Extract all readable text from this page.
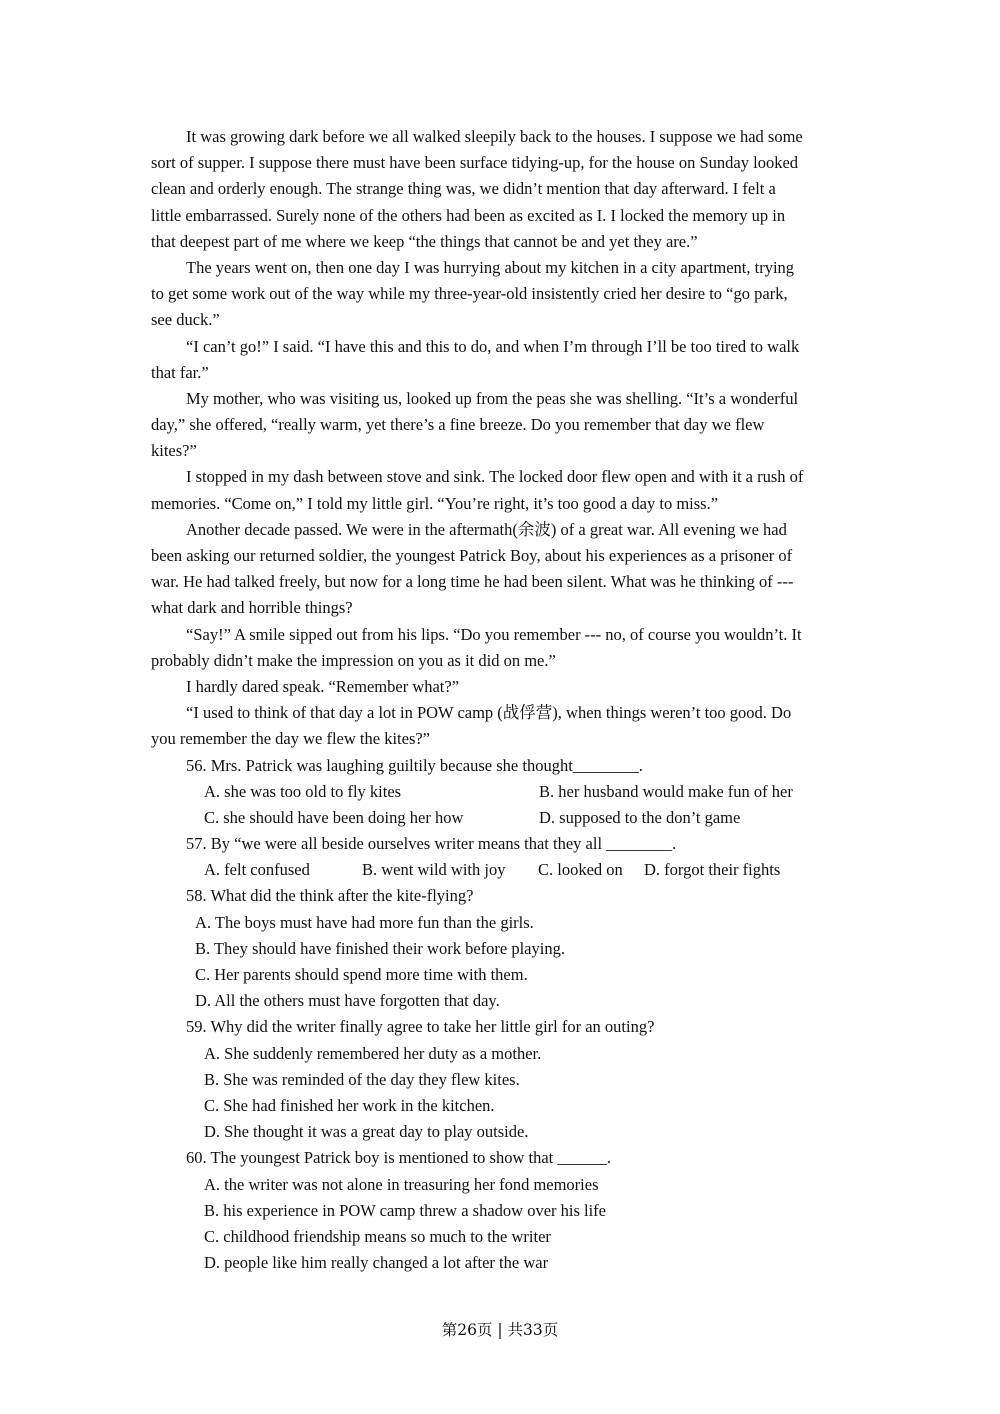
It was growing dark before we all walked sleepily back to the houses. I suppose we had some
sort of supper. I suppose there must have been surface tidying-up, for the house on Sunday looked
clean and orderly enough. The strange thing was, we didn’t mention that day afterward. I felt a
little embarrassed. Surely none of the others had been as excited as I. I locked the memory up in
that deepest part of me where we keep “the things that cannot be and yet they are.”
The years went on, then one day I was hurrying about my kitchen in a city apartment, trying
to get some work out of the way while my three-year-old insistently cried her desire to “go park,
see duck.”
“I can’t go!” I said. “I have this and this to do, and when I’m through I’ll be too tired to walk
that far.”
My mother, who was visiting us, looked up from the peas she was shelling. “It’s a wonderful
day,” she offered, “really warm, yet there’s a fine breeze. Do you remember that day we flew
kites?”
I stopped in my dash between stove and sink. The locked door flew open and with it a rush of
memories. “Come on,” I told my little girl. “You’re right, it’s too good a day to miss.”
Another decade passed. We were in the aftermath(余波) of a great war. All evening we had
been asking our returned soldier, the youngest Patrick Boy, about his experiences as a prisoner of
war. He had talked freely, but now for a long time he had been silent. What was he thinking of ---
what dark and horrible things?
“Say!” A smile sipped out from his lips. “Do you remember --- no, of course you wouldn’t. It
probably didn’t make the impression on you as it did on me.”
I hardly dared speak. “Remember what?”
“I used to think of that day a lot in POW camp (战俘营), when things weren’t too good. Do
you remember the day we flew the kites?”
56. Mrs. Patrick was laughing guiltily because she thought________.
A. she was too old to fly kites	B. her husband would make fun of her
C. she should have been doing her how	D. supposed to the don’t game
57. By “we were all beside ourselves writer means that they all ________.
A. felt confused	B. went wild with joy	C. looked on	D. forgot their fights
58. What did the think after the kite-flying?
A. The boys must have had more fun than the girls.
B. They should have finished their work before playing.
C. Her parents should spend more time with them.
D. All the others must have forgotten that day.
59. Why did the writer finally agree to take her little girl for an outing?
A. She suddenly remembered her duty as a mother.
B. She was reminded of the day they flew kites.
C. She had finished her work in the kitchen.
D. She thought it was a great day to play outside.
60. The youngest Patrick boy is mentioned to show that ______.
A. the writer was not alone in treasuring her fond memories
B. his experience in POW camp threw a shadow over his life
C. childhood friendship means so much to the writer
D. people like him really changed a lot after the war
第26页 | 共33页
